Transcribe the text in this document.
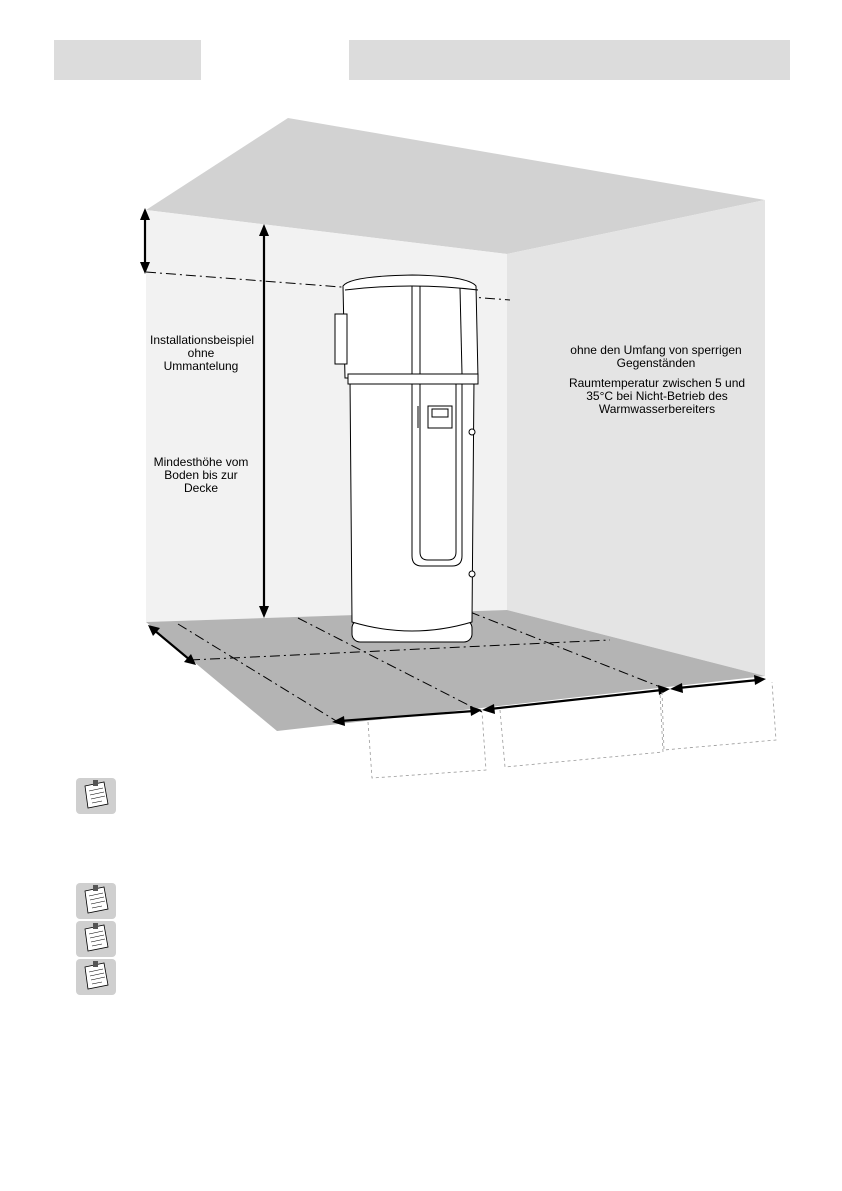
Installationsbeispiel ohne Ummantelung
Mindesthöhe vom Boden bis zur Decke
ohne den Umfang von sperrigen Gegenständen
Raumtemperatur zwischen 5 und 35°C bei Nicht-Betrieb des Warmwasserbereiters
